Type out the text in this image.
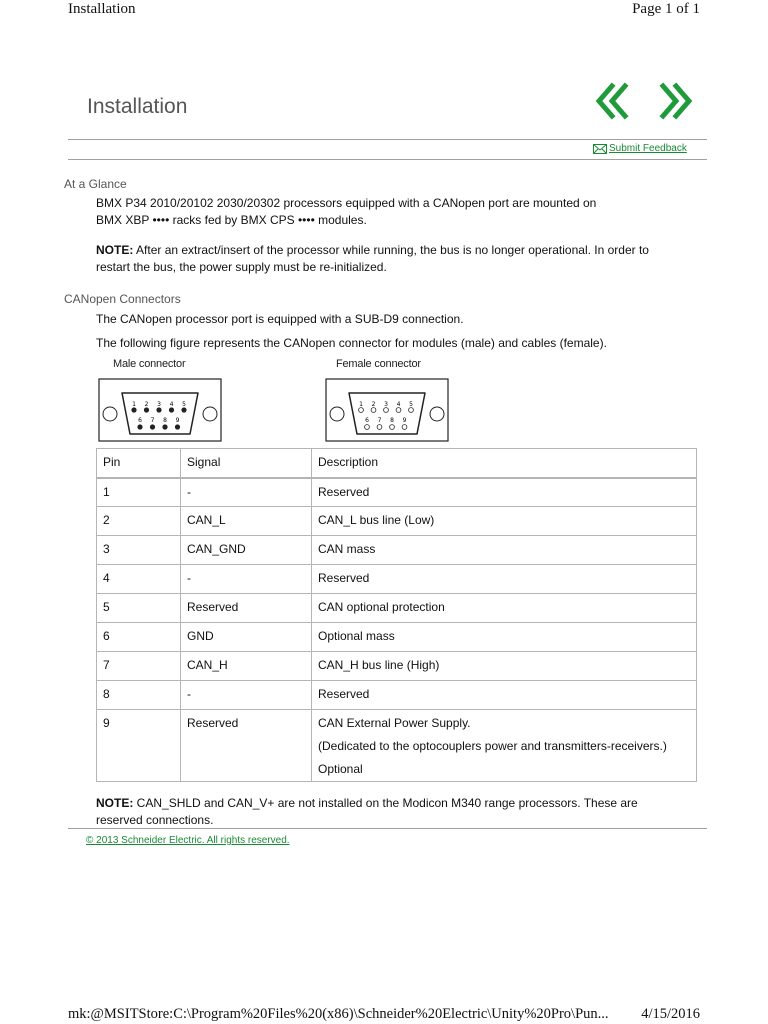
Installation	Page 1 of 1
Installation
Submit Feedback
At a Glance
BMX P34 2010/20102 2030/20302 processors equipped with a CANopen port are mounted on
BMX XBP •••• racks fed by BMX CPS •••• modules.
NOTE: After an extract/insert of the processor while running, the bus is no longer operational. In order to
restart the bus, the power supply must be re-initialized.
CANopen Connectors
The CANopen processor port is equipped with a SUB-D9 connection.
The following figure represents the CANopen connector for modules (male) and cables (female).
Male connector	Female connector
1 2 3 4 5
6 7 8 9
1 2 3 4 5
6 7 8 9
Pin	Signal	Description
1	-	Reserved
2	CAN_L	CAN_L bus line (Low)
3	CAN_GND	CAN mass
4	-	Reserved
5	Reserved	CAN optional protection
6	GND	Optional mass
7	CAN_H	CAN_H bus line (High)
8	-	Reserved
9	Reserved	CAN External Power Supply.
(Dedicated to the optocouplers power and transmitters-receivers.)
Optional
NOTE: CAN_SHLD and CAN_V+ are not installed on the Modicon M340 range processors. These are
reserved connections.
© 2013 Schneider Electric. All rights reserved.
mk:@MSITStore:C:\Program%20Files%20(x86)\Schneider%20Electric\Unity%20Pro\Pun... 4/15/2016
